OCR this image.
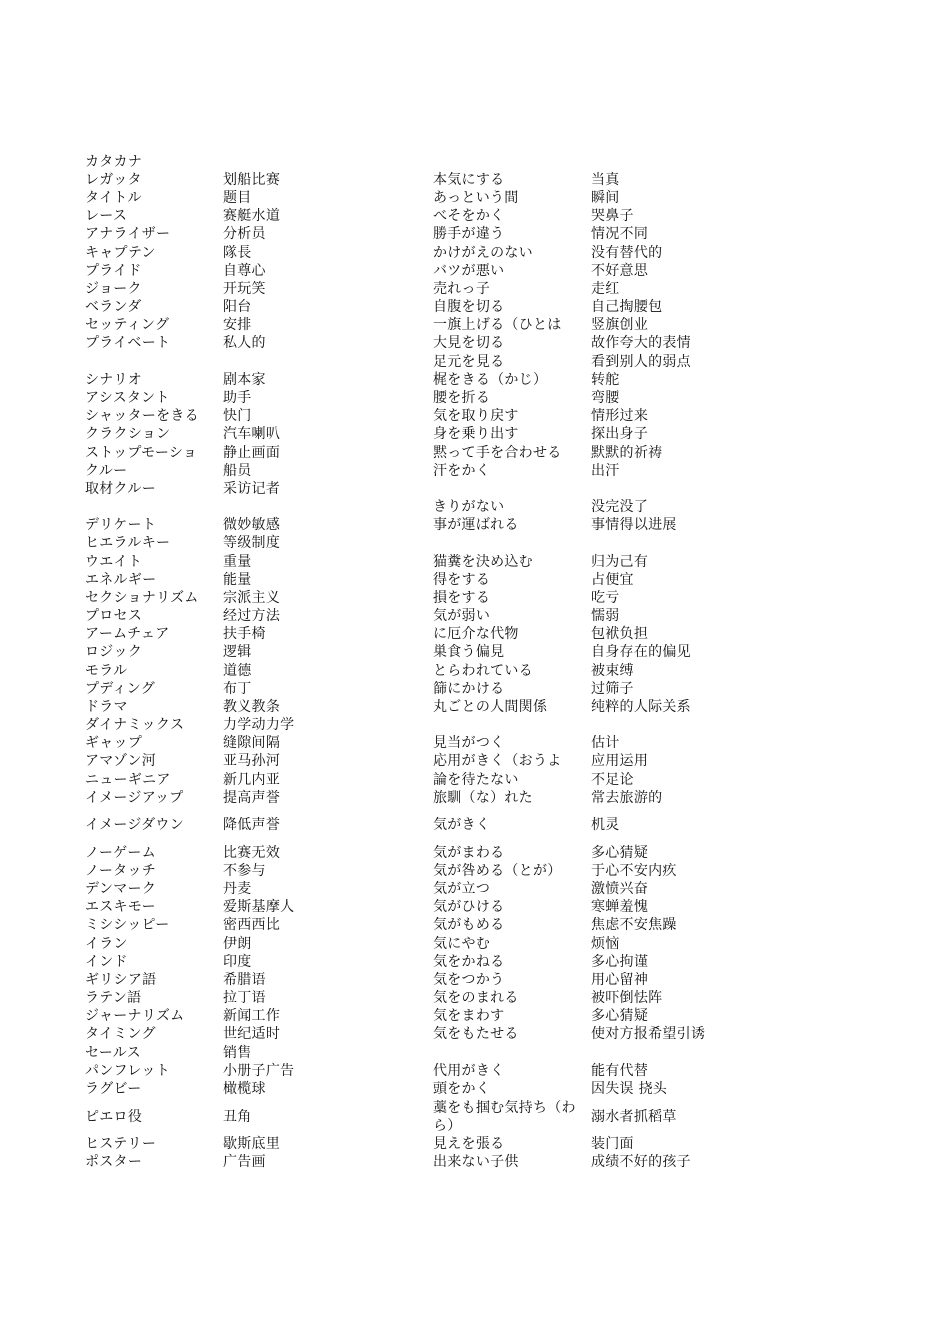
カタカナ
レガッタ	划船比赛
タイトル	题目
レース	赛艇水道
アナライザー	分析员
キャプテン	隊長
プライド	自尊心
ジョーク	开玩笑
ベランダ	阳台
セッティング	安排
プライベート	私人的
シナリオ	剧本家
アシスタント	助手
シャッターをきる 快门
クラクション	汽车喇叭
ストップモーショ 静止画面
クルー	船员
取材クルー	采访记者
デリケート	微妙敏感
ヒエラルキー	等级制度
ウエイト	重量
エネルギー	能量
セクショナリズム 宗派主义
プロセス	经过方法
アームチェア	扶手椅
ロジック	逻辑
モラル	道德
プディング	布丁
ドラマ	教义教条
ダイナミックス	力学动力学
ギャップ	缝隙间隔
アマゾン河	亚马孙河
ニューギニア	新几内亚
イメージアップ	提高声誉
イメージダウン	降低声誉
ノーゲーム	比赛无效
ノータッチ	不参与
デンマーク	丹麦
エスキモー	爱斯基摩人
ミシシッピー	密西西比
イラン	伊朗
インド	印度
ギリシア語	希腊语
ラテン語	拉丁语
ジャーナリズム	新闻工作
タイミング	世纪适时
セールス	销售
パンフレット	小册子广告
ラグビー	橄榄球
ピエロ役	丑角
ヒステリー	歇斯底里
ポスター	广告画
本気にする	当真
あっという間	瞬间
べそをかく	哭鼻子
勝手が違う	情况不同
かけがえのない	没有替代的
バツが悪い	不好意思
売れっ子	走红
自腹を切る	自己掏腰包
一旗上げる（ひとは 竖旗创业
大見を切る	故作夸大的表情
足元を見る	看到别人的弱点
梶をきる（かじ）	转舵
腰を折る	弯腰
気を取り戻す	情形过来
身を乗り出す	探出身子
黙って手を合わせる 默默的祈祷
汗をかく	出汗
きりがない	没完没了
事が運ばれる	事情得以进展
猫糞を決め込む	归为己有
得をする	占便宜
損をする	吃亏
気が弱い	懦弱
に厄介な代物	包袱负担
巣食う偏見	自身存在的偏见
とらわれている	被束缚
篩にかける	过筛子
丸ごとの人間関係	纯粹的人际关系
見当がつく	估计
応用がきく（おうよ 应用运用
論を待たない	不足论
旅馴（な）れた	常去旅游的
気がきく	机灵
気がまわる	多心猜疑
気が咎める（とが） 于心不安内疚
気が立つ	激愤兴奋
気がひける	寒蝉羞愧
気がもめる	焦虑不安焦躁
気にやむ	烦恼
気をかねる	多心拘谨
気をつかう	用心留神
気をのまれる	被吓倒怯阵
気をまわす	多心猜疑
気をもたせる	使对方报希望引诱
代用がきく	能有代替
頭をかく	因失误 挠头
藁をも掴む気持ち（わら）
溺水者抓稻草
見えを張る	装门面
出来ない子供	成绩不好的孩子
